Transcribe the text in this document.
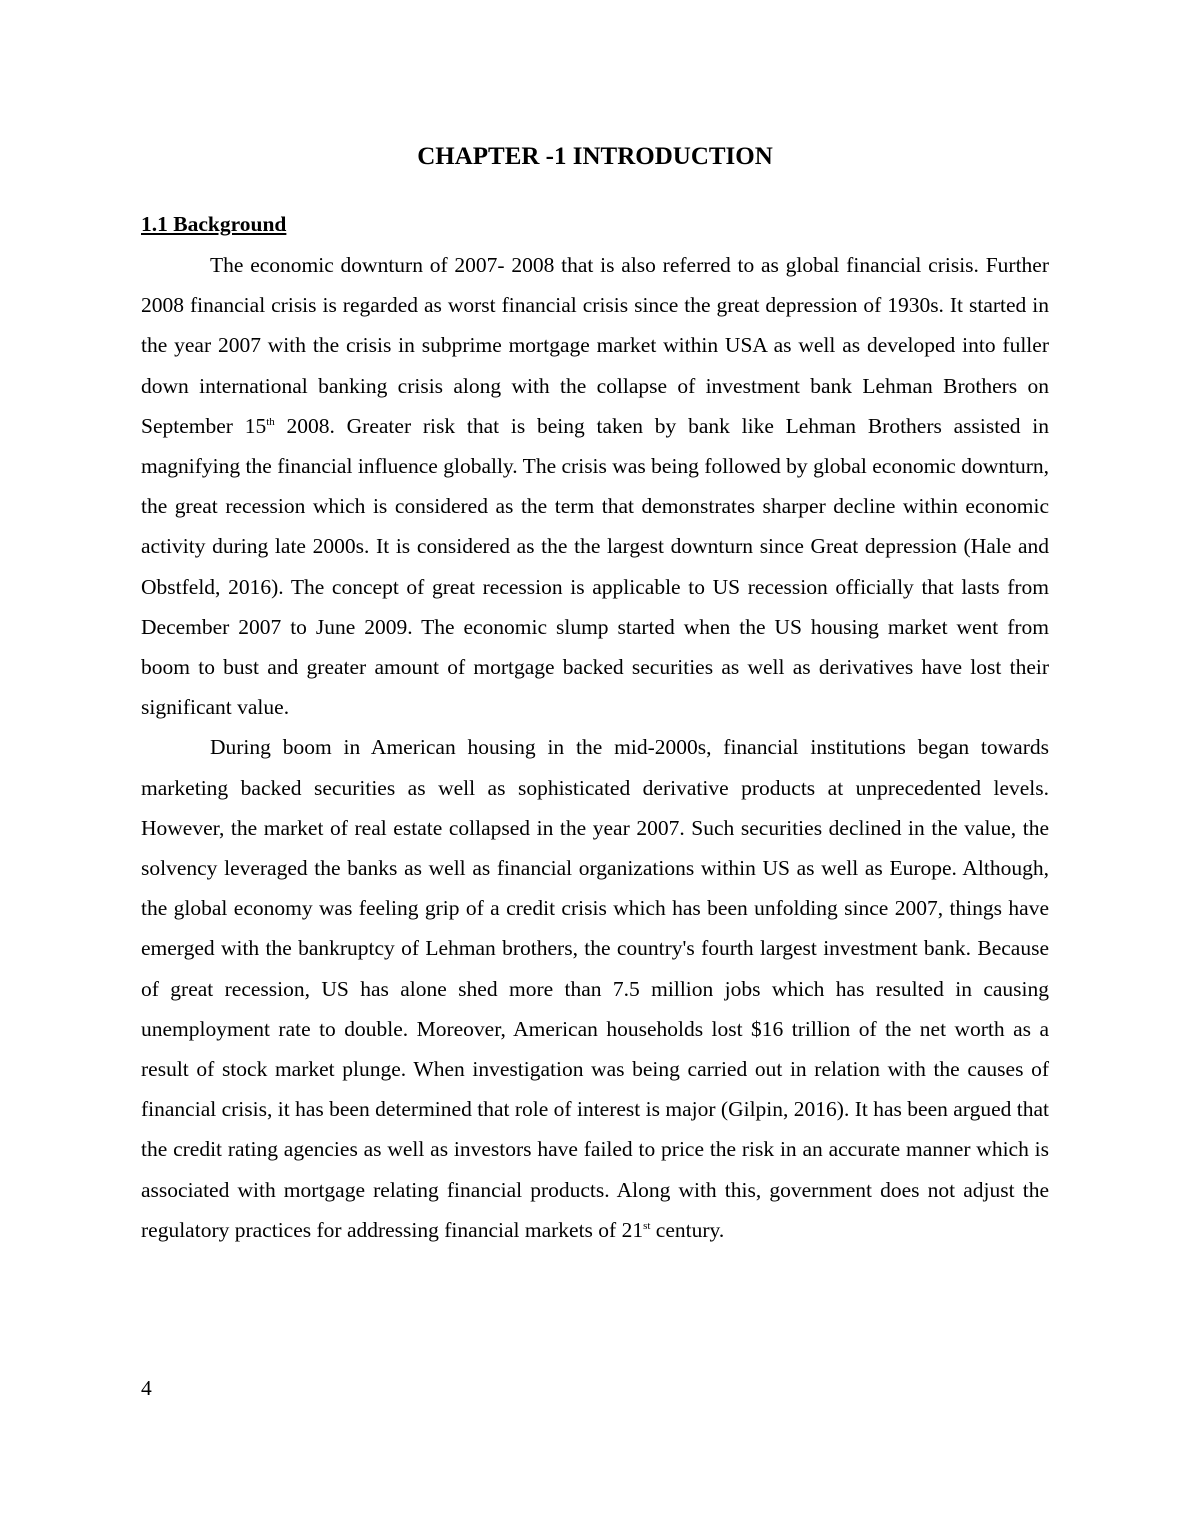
CHAPTER -1 INTRODUCTION
1.1 Background

The economic downturn of 2007- 2008 that is also referred to as global financial crisis. Further 2008 financial crisis is regarded as worst financial crisis since the great depression of 1930s. It started in the year 2007 with the crisis in subprime mortgage market within USA as well as developed into fuller down international banking crisis along with the collapse of investment bank Lehman Brothers on September 15th 2008. Greater risk that is being taken by bank like Lehman Brothers assisted in magnifying the financial influence globally. The crisis was being followed by global economic downturn, the great recession which is considered as the term that demonstrates sharper decline within economic activity during late 2000s. It is considered as the the largest downturn since Great depression (Hale and Obstfeld, 2016). The concept of great recession is applicable to US recession officially that lasts from December 2007 to June 2009. The economic slump started when the US housing market went from boom to bust and greater amount of mortgage backed securities as well as derivatives have lost their significant value.

During boom in American housing in the mid-2000s, financial institutions began towards marketing backed securities as well as sophisticated derivative products at unprecedented levels. However, the market of real estate collapsed in the year 2007. Such securities declined in the value, the solvency leveraged the banks as well as financial organizations within US as well as Europe. Although, the global economy was feeling grip of a credit crisis which has been unfolding since 2007, things have emerged with the bankruptcy of Lehman brothers, the country's fourth largest investment bank. Because of great recession, US has alone shed more than 7.5 million jobs which has resulted in causing unemployment rate to double. Moreover, American households lost $16 trillion of the net worth as a result of stock market plunge. When investigation was being carried out in relation with the causes of financial crisis, it has been determined that role of interest is major (Gilpin, 2016). It has been argued that the credit rating agencies as well as investors have failed to price the risk in an accurate manner which is associated with mortgage relating financial products. Along with this, government does not adjust the regulatory practices for addressing financial markets of 21st century.

4
